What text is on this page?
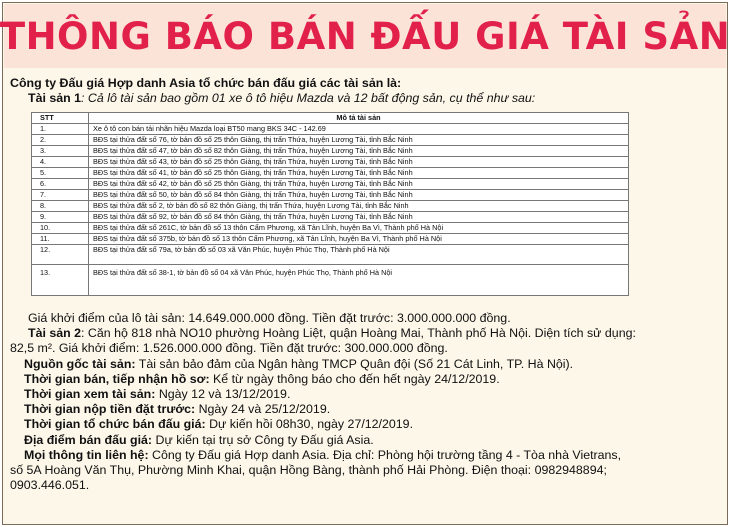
THÔNG BÁO BÁN ĐẤU GIÁ TÀI SẢN
Công ty Đấu giá Hợp danh Asia tổ chức bán đấu giá các tài sản là:
Tài sản 1: Cả lô tài sản bao gồm 01 xe ô tô hiệu Mazda và 12 bất động sản, cụ thể như sau:
STT	Mô tả tài sản
1.	Xe ô tô con bán tải nhãn hiệu Mazda loại BT50 mang BKS 34C - 142.69
2.	BĐS tại thửa đất số 76, tờ bản đồ số 25 thôn Giàng, thị trấn Thứa, huyện Lương Tài, tỉnh Bắc Ninh
3.	BĐS tại thửa đất số 47, tờ bản đồ số 82 thôn Giàng, thị trấn Thứa, huyện Lương Tài, tỉnh Bắc Ninh
4.	BĐS tại thửa đất số 43, tờ bản đồ số 25 thôn Giàng, thị trấn Thứa, huyện Lương Tài, tỉnh Bắc Ninh
5.	BĐS tại thửa đất số 41, tờ bản đồ số 25 thôn Giàng, thị trấn Thứa, huyện Lương Tài, tỉnh Bắc Ninh
6.	BĐS tại thửa đất số 42, tờ bản đồ số 25 thôn Giàng, thị trấn Thứa, huyện Lương Tài, tỉnh Bắc Ninh
7.	BĐS tại thửa đất số 50, tờ bản đồ số 84 thôn Giàng, thị trấn Thứa, huyện Lương Tài, tỉnh Bắc Ninh
8.	BĐS tại thửa đất số 2, tờ bản đồ số 82 thôn Giàng, thị trấn Thứa, huyện Lương Tài, tỉnh Bắc Ninh
9.	BĐS tại thửa đất số 92, tờ bản đồ số 84 thôn Giàng, thị trấn Thứa, huyện Lương Tài, tỉnh Bắc Ninh
10.	BĐS tại thửa đất số 261C, tờ bản đồ số 13 thôn Cẩm Phương, xã Tản Lĩnh, huyện Ba Vì, Thành phố Hà Nội
11.	BĐS tại thửa đất số 375b, tờ bản đồ số 13 thôn Cẩm Phương, xã Tản Lĩnh, huyện Ba Vì, Thành phố Hà Nội
12.	BĐS tại thửa đất số 79a, tờ bản đồ số 03 xã Văn Phúc, huyện Phúc Thọ, Thành phố Hà Nội
13.	BĐS tại thửa đất số 38-1, tờ bản đồ số 04 xã Văn Phúc, huyện Phúc Thọ, Thành phố Hà Nội
Giá khởi điểm của lô tài sản: 14.649.000.000 đồng. Tiền đặt trước: 3.000.000.000 đồng.
Tài sản 2: Căn hộ 818 nhà NO10 phường Hoàng Liệt, quận Hoàng Mai, Thành phố Hà Nội. Diện tích sử dụng:
82,5 m². Giá khởi điểm: 1.526.000.000 đồng. Tiền đặt trước: 300.000.000 đồng.
Nguồn gốc tài sản: Tài sản bảo đảm của Ngân hàng TMCP Quân đội (Số 21 Cát Linh, TP. Hà Nội).
Thời gian bán, tiếp nhận hồ sơ: Kể từ ngày thông báo cho đến hết ngày 24/12/2019.
Thời gian xem tài sản: Ngày 12 và 13/12/2019.
Thời gian nộp tiền đặt trước: Ngày 24 và 25/12/2019.
Thời gian tổ chức bán đấu giá: Dự kiến hồi 08h30, ngày 27/12/2019.
Địa điểm bán đấu giá: Dự kiến tại trụ sở Công ty Đấu giá Asia.
Mọi thông tin liên hệ: Công ty Đấu giá Hợp danh Asia. Địa chỉ: Phòng hội trường tầng 4 - Tòa nhà Vietrans,
số 5A Hoàng Văn Thụ, Phường Minh Khai, quận Hồng Bàng, thành phố Hải Phòng. Điện thoại: 0982948894;
0903.446.051.
